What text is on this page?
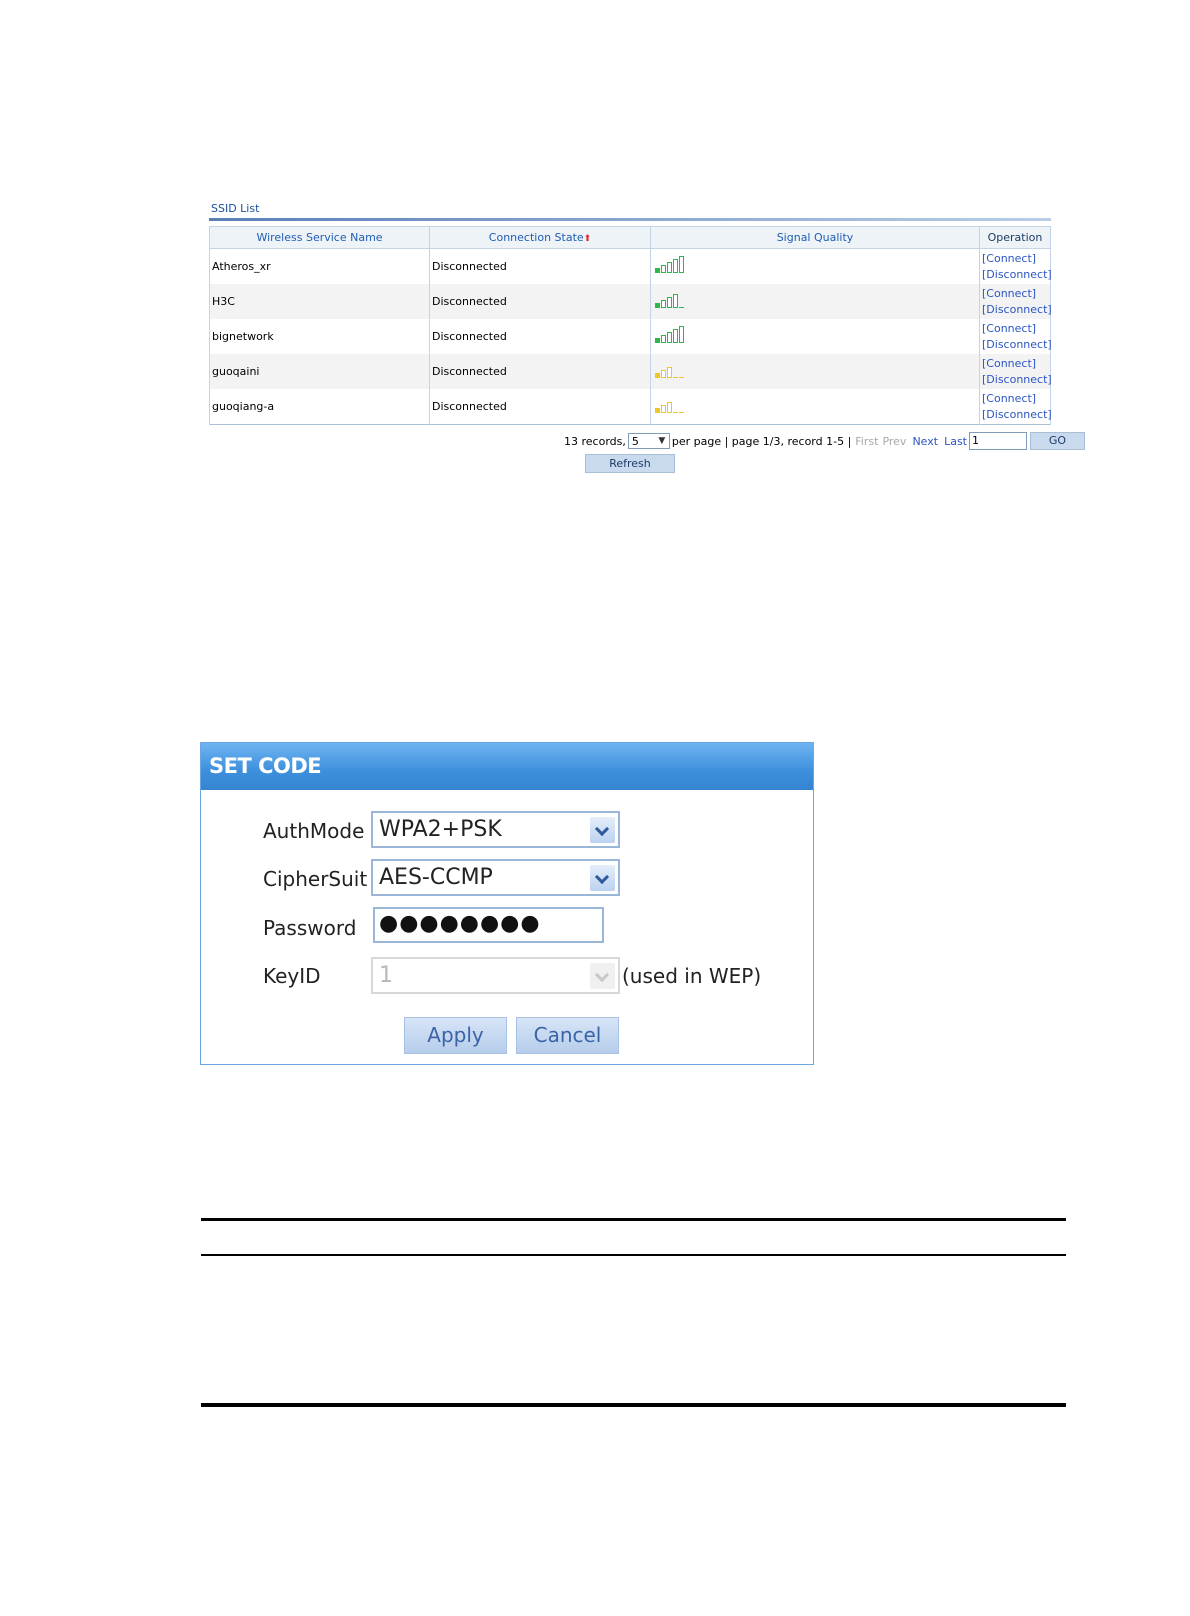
SSID List
Wireless Service Name	Connection State⬆	Signal Quality	Operation
Atheros_xr	Disconnected		[Connect]
[Disconnect]

H3C	Disconnected		[Connect]
[Disconnect]

bignetwork	Disconnected		[Connect]
[Disconnect]

guoqaini	Disconnected		[Connect]
[Disconnect]

guoqiang-a	Disconnected		[Connect]
[Disconnect]
13 records, 5 ▼ per page | page 1/3, record 1-5 | First Prev Next Last 1	GO
Refresh
SET CODE
AuthMode WPA2+PSK
CipherSuit AES-CCMP
Password ●●●●●●●●
KeyID	1	(used in WEP)
Apply	Cancel
